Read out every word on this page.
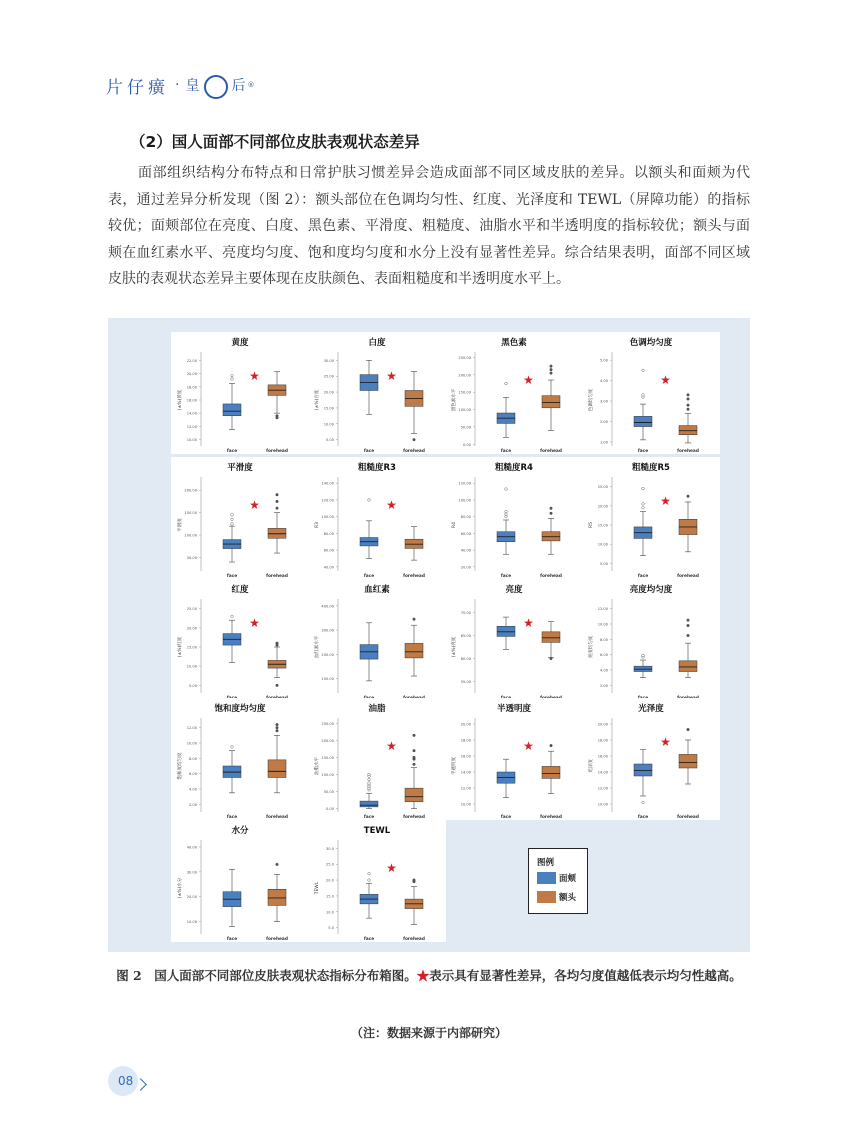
片仔癀 · 皇 后 ®
（2）国人面部不同部位皮肤表观状态差异
面部组织结构分布特点和日常护肤习惯差异会造成面部不同区域皮肤的差异。以额头和面颊为代表，通过差异分析发现（图 2）：额头部位在色调均匀性、红度、光泽度和 TEWL（屏障功能）的指标较优；面颊部位在亮度、白度、黑色素、平滑度、粗糙度、油脂水平和半透明度的指标较优；额头与面颊在血红素水平、亮度均匀度、饱和度均匀度和水分上没有显著性差异。综合结果表明，面部不同区域皮肤的表观状态差异主要体现在皮肤颜色、表面粗糙度和半透明度水平上。
图例
面颊
额头
黄度
22.00
20.00
18.00
16.00
14.00
12.00
10.00
(±%)黄度
face	forehead
★
白度
30.00
25.00
20.00
15.00
10.00
5.00
(±%)白度
face	forehead
★
黑色素
250.00
200.00
150.00
100.00
50.00
0.00
黑色素水平
face	forehead
★
色调均匀度
5.00
4.00
3.00
2.00
1.00
色调均匀度
face	forehead
★
平滑度
200.00
150.00
100.00
50.00
平滑度
face	forehead
★
粗糙度R3
140.00
120.00
100.00
80.00
60.00
40.00
R3
face	forehead
★
粗糙度R4
120.00
100.00
80.00
60.00
40.00
20.00
R4
face	forehead
粗糙度R5
25.00
20.00
15.00
10.00
5.00
R5
face	forehead
★
红度
25.00
20.00
15.00
10.00
5.00
(±%)红度
★
血红素
400.00
300.00
200.00
100.00
血红素水平
亮度
70.00
65.00
60.00
55.00
(±%)亮度
★
亮度均匀度
12.00
10.00
8.00
6.00
4.00
2.00
亮度均匀度
饱和度均匀度
12.00
10.00
8.00
6.00
4.00
2.00
饱和度均匀度
face	forehead
油脂
250.00
200.00
150.00
100.00
50.00
0.00
油脂水平
face	forehead
★
半透明度
20.00
18.00
16.00
14.00
12.00
10.00
半透明度
face	forehead
★
光泽度
20.00
18.00
16.00
14.00
12.00
10.00
光泽度
face	forehead
★
水分
40.00
30.00
20.00
10.00
(±%)水分
face	forehead
TEWL
30.0
25.0
20.0
15.0
10.0
5.0
TEWL
face	forehead
★
图 2　国人面部不同部位皮肤表观状态指标分布箱图。★表示具有显著性差异，各均匀度值越低表示均匀性越高。
（注：数据来源于内部研究）
08
